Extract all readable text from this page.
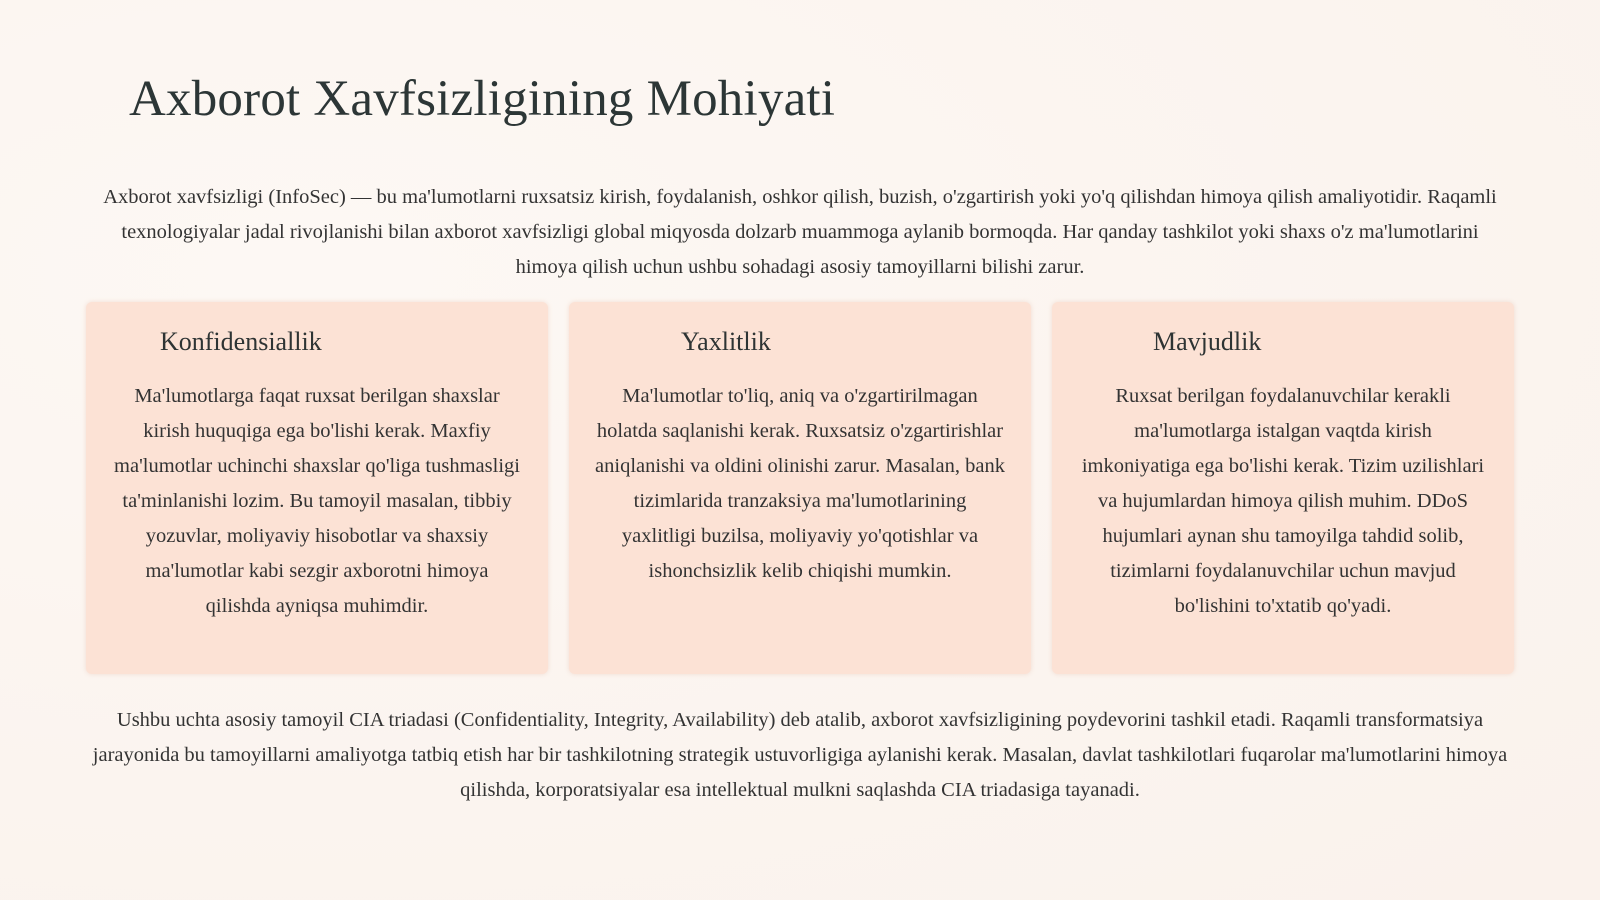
Axborot Xavfsizligining Mohiyati

Axborot xavfsizligi (InfoSec) — bu ma'lumotlarni ruxsatsiz kirish, foydalanish, oshkor qilish, buzish, o'zgartirish yoki yo'q qilishdan himoya qilish amaliyotidir. Raqamli texnologiyalar jadal rivojlanishi bilan axborot xavfsizligi global miqyosda dolzarb muammoga aylanib bormoqda. Har qanday tashkilot yoki shaxs o'z ma'lumotlarini himoya qilish uchun ushbu sohadagi asosiy tamoyillarni bilishi zarur.

Konfidensiallik

Ma'lumotlarga faqat ruxsat berilgan shaxslar kirish huquqiga ega bo'lishi kerak. Maxfiy ma'lumotlar uchinchi shaxslar qo'liga tushmasligi ta'minlanishi lozim. Bu tamoyil masalan, tibbiy yozuvlar, moliyaviy hisobotlar va shaxsiy ma'lumotlar kabi sezgir axborotni himoya qilishda ayniqsa muhimdir.

Yaxlitlik

Ma'lumotlar to'liq, aniq va o'zgartirilmagan holatda saqlanishi kerak. Ruxsatsiz o'zgartirishlar aniqlanishi va oldini olinishi zarur. Masalan, bank tizimlarida tranzaksiya ma'lumotlarining yaxlitligi buzilsa, moliyaviy yo'qotishlar va ishonchsizlik kelib chiqishi mumkin.

Mavjudlik

Ruxsat berilgan foydalanuvchilar kerakli ma'lumotlarga istalgan vaqtda kirish imkoniyatiga ega bo'lishi kerak. Tizim uzilishlari va hujumlardan himoya qilish muhim. DDoS hujumlari aynan shu tamoyilga tahdid solib, tizimlarni foydalanuvchilar uchun mavjud bo'lishini to'xtatib qo'yadi.

Ushbu uchta asosiy tamoyil CIA triadasi (Confidentiality, Integrity, Availability) deb atalib, axborot xavfsizligining poydevorini tashkil etadi. Raqamli transformatsiya jarayonida bu tamoyillarni amaliyotga tatbiq etish har bir tashkilotning strategik ustuvorligiga aylanishi kerak. Masalan, davlat tashkilotlari fuqarolar ma'lumotlarini himoya qilishda, korporatsiyalar esa intellektual mulkni saqlashda CIA triadasiga tayanadi.
